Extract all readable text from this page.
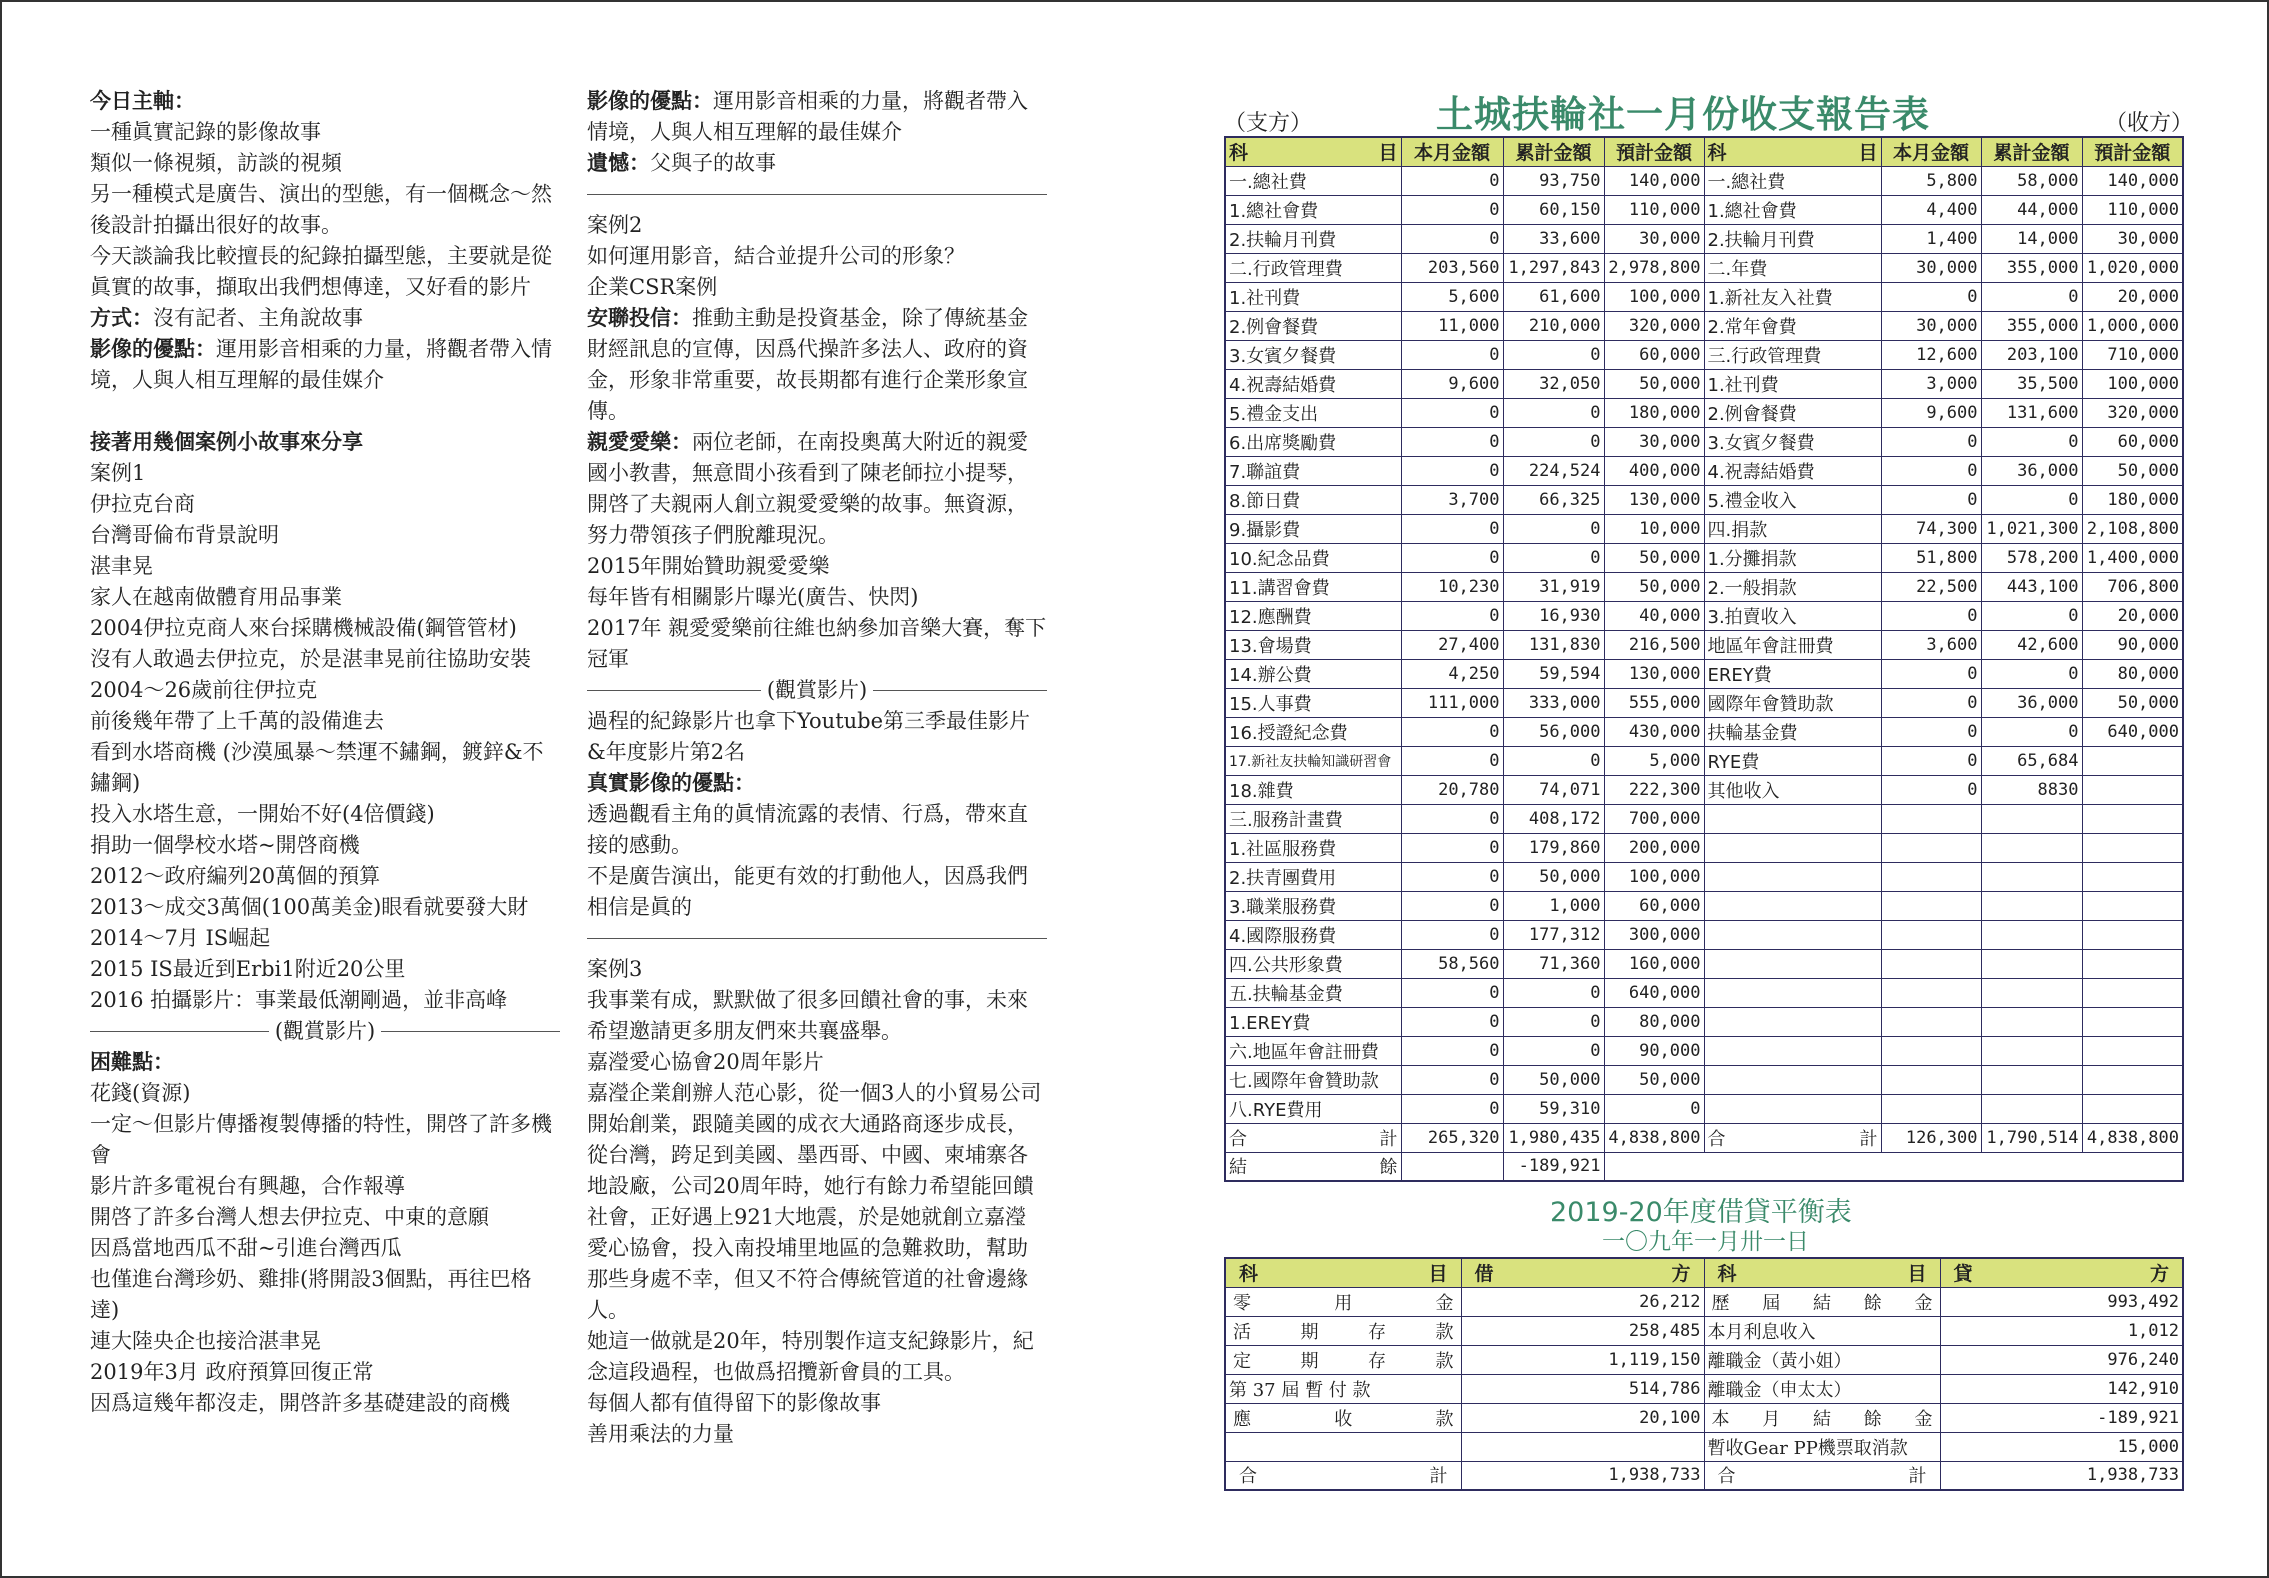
今日主軸：

一種眞實記錄的影像故事

類似一條視頻，訪談的視頻

另一種模式是廣告、演出的型態，有一個概念～然後設計拍攝出很好的故事。

今天談論我比較擅長的紀錄拍攝型態，主要就是從眞實的故事，擷取出我們想傳達，又好看的影片

方式：沒有記者、主角說故事

影像的優點：運用影音相乘的力量，將觀者帶入情境，人與人相互理解的最佳媒介

接著用幾個案例小故事來分享

案例1

伊拉克台商

台灣哥倫布背景說明

湛聿晃

家人在越南做體育用品事業

2004伊拉克商人來台採購機械設備(鋼管管材)

沒有人敢過去伊拉克，於是湛聿晃前往協助安裝

2004～26歲前往伊拉克

前後幾年帶了上千萬的設備進去

看到水塔商機 (沙漠風暴～禁運不鏽鋼，鍍鋅&不鏽鋼)

投入水塔生意，一開始不好(4倍價錢)

捐助一個學校水塔~開啓商機

2012～政府編列20萬個的預算

2013～成交3萬個(100萬美金)眼看就要發大財

2014～7月 IS崛起

2015 IS最近到Erbi1附近20公里

2016 拍攝影片：事業最低潮剛過，並非高峰

(觀賞影片)

困難點：

花錢(資源)

一定～但影片傳播複製傳播的特性，開啓了許多機會

影片許多電視台有興趣，合作報導

開啓了許多台灣人想去伊拉克、中東的意願

因爲當地西瓜不甜~引進台灣西瓜

也僅進台灣珍奶、雞排(將開設3個點，再往巴格達)

連大陸央企也接洽湛聿晃

2019年3月 政府預算回復正常

因爲這幾年都沒走，開啓許多基礎建設的商機

影像的優點：運用影音相乘的力量，將觀者帶入情境，人與人相互理解的最佳媒介

遺憾：父與子的故事

案例2

如何運用影音，結合並提升公司的形象？

企業CSR案例

安聯投信：推動主動是投資基金，除了傳統基金財經訊息的宣傳，因爲代操許多法人、政府的資金，形象非常重要，故長期都有進行企業形象宣傳。

親愛愛樂：兩位老師，在南投奧萬大附近的親愛國小教書，無意間小孩看到了陳老師拉小提琴，開啓了夫親兩人創立親愛愛樂的故事。無資源，努力帶領孩子們脫離現況。

2015年開始贊助親愛愛樂

每年皆有相關影片曝光(廣告、快閃)

2017年 親愛愛樂前往維也納參加音樂大賽，奪下冠軍

(觀賞影片)

過程的紀錄影片也拿下Youtube第三季最佳影片&年度影片第2名

真實影像的優點：

透過觀看主角的眞情流露的表情、行爲，帶來直接的感動。

不是廣告演出，能更有效的打動他人，因爲我們相信是眞的

案例3

我事業有成，默默做了很多回饋社會的事，未來希望邀請更多朋友們來共襄盛舉。

嘉瀅愛心協會20周年影片

嘉瀅企業創辦人范心影，從一個3人的小貿易公司開始創業，跟隨美國的成衣大通路商逐步成長，從台灣，跨足到美國、墨西哥、中國、柬埔寨各地設廠，公司20周年時，她行有餘力希望能回饋社會，正好遇上921大地震，於是她就創立嘉瀅愛心協會，投入南投埔里地區的急難救助，幫助那些身處不幸，但又不符合傳統管道的社會邊緣人。

她這一做就是20年，特別製作這支紀錄影片，紀念這段過程，也做爲招攬新會員的工具。

每個人都有值得留下的影像故事

善用乘法的力量

（支方）	土城扶輪社一月份收支報告表	（收方）
科 目	本月金額	累計金額	預計金額	科 目	本月金額	累計金額	預計金額
一.總社費	0	93,750	140,000	一.總社費	5,800	58,000	140,000
1.總社會費	0	60,150	110,000	1.總社會費	4,400	44,000	110,000
2.扶輪月刊費	0	33,600	30,000	2.扶輪月刊費	1,400	14,000	30,000
二.行政管理費	203,560	1,297,843	2,978,800	二.年費	30,000	355,000	1,020,000
1.社刊費	5,600	61,600	100,000	1.新社友入社費	0	0	20,000
2.例會餐費	11,000	210,000	320,000	2.常年會費	30,000	355,000	1,000,000
3.女賓夕餐費	0	0	60,000	三.行政管理費	12,600	203,100	710,000
4.祝壽結婚費	9,600	32,050	50,000	1.社刊費	3,000	35,500	100,000
5.禮金支出	0	0	180,000	2.例會餐費	9,600	131,600	320,000
6.出席獎勵費	0	0	30,000	3.女賓夕餐費	0	0	60,000
7.聯誼費	0	224,524	400,000	4.祝壽結婚費	0	36,000	50,000
8.節日費	3,700	66,325	130,000	5.禮金收入	0	0	180,000
9.攝影費	0	0	10,000	四.捐款	74,300	1,021,300	2,108,800
10.紀念品費	0	0	50,000	1.分攤捐款	51,800	578,200	1,400,000
11.講習會費	10,230	31,919	50,000	2.一般捐款	22,500	443,100	706,800
12.應酬費	0	16,930	40,000	3.拍賣收入	0	0	20,000
13.會場費	27,400	131,830	216,500	地區年會註冊費	3,600	42,600	90,000
14.辦公費	4,250	59,594	130,000	EREY費	0	0	80,000
15.人事費	111,000	333,000	555,000	國際年會贊助款	0	36,000	50,000
16.授證紀念費	0	56,000	430,000	扶輪基金費	0	0	640,000
17.新社友扶輪知識研習會	0	0	5,000	RYE費	0	65,684	
18.雜費	20,780	74,071	222,300	其他收入	0	8830	
三.服務計畫費	0	408,172	700,000				
1.社區服務費	0	179,860	200,000				
2.扶青團費用	0	50,000	100,000				
3.職業服務費	0	1,000	60,000				
4.國際服務費	0	177,312	300,000				
四.公共形象費	58,560	71,360	160,000				
五.扶輪基金費	0	0	640,000				
1.EREY費	0	0	80,000				
六.地區年會註冊費	0	0	90,000				
七.國際年會贊助款	0	50,000	50,000				
八.RYE費用	0	59,310	0				

合 計	265,320	1,980,435	4,838,800	合 計	126,300	1,790,514	4,838,800

結 餘		-189,921					
2019-20年度借貸平衡表
一〇九年一月卅一日
科 目	借 方	科 目	貸 方

零 用 金	26,212	歷 屆 結 餘 金	993,492

活 期 存 款	258,485	本月利息收入	1,012

定 期 存 款	1,119,150	離職金（黃小姐）	976,240
第 37 屆 暫 付 款	514,786	離職金（申太太）	142,910

應 收 款	20,100	本 月 結 餘 金	-189,921
		暫收Gear PP機票取消款	15,000

合 計	1,938,733	合 計	1,938,733
